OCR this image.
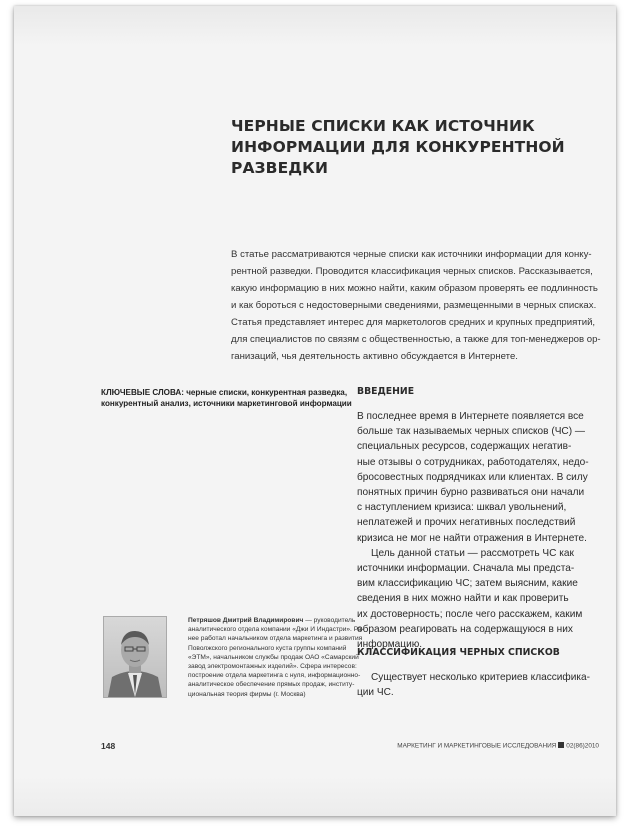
ЧЕРНЫЕ СПИСКИ КАК ИСТОЧНИК
ИНФОРМАЦИИ ДЛЯ КОНКУРЕНТНОЙ
РАЗВЕДКИ
В статье рассматриваются черные списки как источники информации для конку-
рентной разведки. Проводится классификация черных списков. Рассказывается,
какую информацию в них можно найти, каким образом проверять ее подлинность
и как бороться с недостоверными сведениями, размещенными в черных списках.
Статья представляет интерес для маркетологов средних и крупных предприятий,
для специалистов по связям с общественностью, а также для топ-менеджеров ор-
ганизаций, чья деятельность активно обсуждается в Интернете.
КЛЮЧЕВЫЕ СЛОВА: черные списки, конкурентная разведка,
конкурентный анализ, источники маркетинговой информации
ВВЕДЕНИЕ
В последнее время в Интернете появляется все
больше так называемых черных списков (ЧС) —
специальных ресурсов, содержащих негатив-
ные отзывы о сотрудниках, работодателях, недо-
бросовестных подрядчиках или клиентах. В силу
понятных причин бурно развиваться они начали
с наступлением кризиса: шквал увольнений,
неплатежей и прочих негативных последствий
кризиса не мог не найти отражения в Интернете.
Цель данной статьи — рассмотреть ЧС как
источники информации. Сначала мы предста-
вим классификацию ЧС; затем выясним, какие
сведения в них можно найти и как проверить
их достоверность; после чего расскажем, каким
образом реагировать на содержащуюся в них
информацию.
КЛАССИФИКАЦИЯ ЧЕРНЫХ СПИСКОВ
Существует несколько критериев классифика-
ции ЧС.
Петряшов Дмитрий Владимирович — руководитель
аналитического отдела компании «Джи И Индастри». Ра-
нее работал начальником отдела маркетинга и развития
Поволжского регионального куста группы компаний
«ЭТМ», начальником службы продаж ОАО «Самарский
завод электромонтажных изделий». Сфера интересов:
построение отдела маркетинга с нуля, информационно-
аналитическое обеспечение прямых продаж, институ-
циональная теория фирмы (г. Москва)
148	МАРКЕТИНГ И МАРКЕТИНГОВЫЕ ИССЛЕДОВАНИЯ 02(86)2010
